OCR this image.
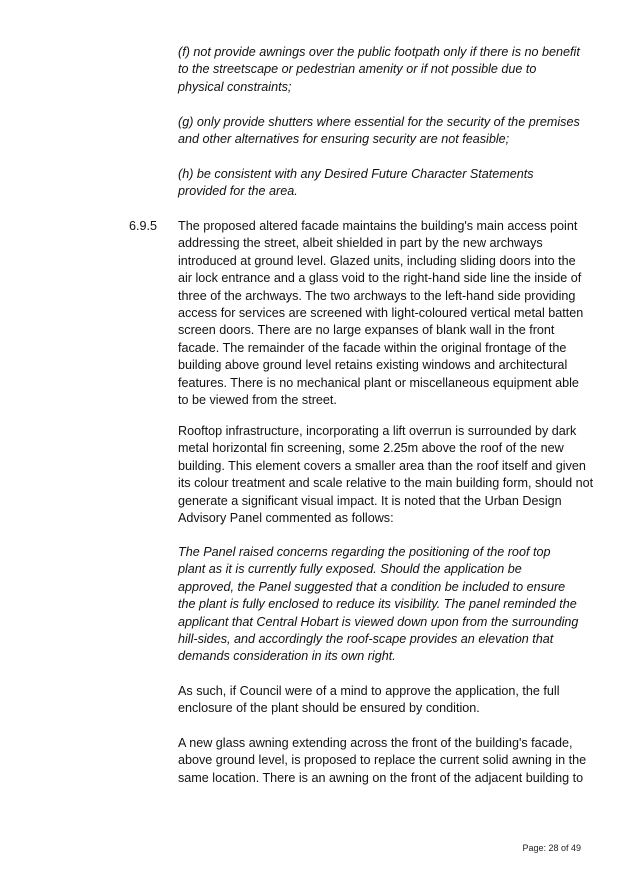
(f) not provide awnings over the public footpath only if there is no benefit
to the streetscape or pedestrian amenity or if not possible due to
physical constraints;
(g) only provide shutters where essential for the security of the premises
and other alternatives for ensuring security are not feasible;
(h) be consistent with any Desired Future Character Statements
provided for the area.
6.9.5 The proposed altered facade maintains the building's main access point
addressing the street, albeit shielded in part by the new archways
introduced at ground level. Glazed units, including sliding doors into the
air lock entrance and a glass void to the right-hand side line the inside of
three of the archways. The two archways to the left-hand side providing
access for services are screened with light-coloured vertical metal batten
screen doors. There are no large expanses of blank wall in the front
facade. The remainder of the facade within the original frontage of the
building above ground level retains existing windows and architectural
features. There is no mechanical plant or miscellaneous equipment able
to be viewed from the street.
Rooftop infrastructure, incorporating a lift overrun is surrounded by dark
metal horizontal fin screening, some 2.25m above the roof of the new
building. This element covers a smaller area than the roof itself and given
its colour treatment and scale relative to the main building form, should not
generate a significant visual impact. It is noted that the Urban Design
Advisory Panel commented as follows:
The Panel raised concerns regarding the positioning of the roof top
plant as it is currently fully exposed. Should the application be
approved, the Panel suggested that a condition be included to ensure
the plant is fully enclosed to reduce its visibility. The panel reminded the
applicant that Central Hobart is viewed down upon from the surrounding
hill-sides, and accordingly the roof-scape provides an elevation that
demands consideration in its own right.
As such, if Council were of a mind to approve the application, the full
enclosure of the plant should be ensured by condition.
A new glass awning extending across the front of the building's facade,
above ground level, is proposed to replace the current solid awning in the
same location. There is an awning on the front of the adjacent building to
Page: 28 of 49
